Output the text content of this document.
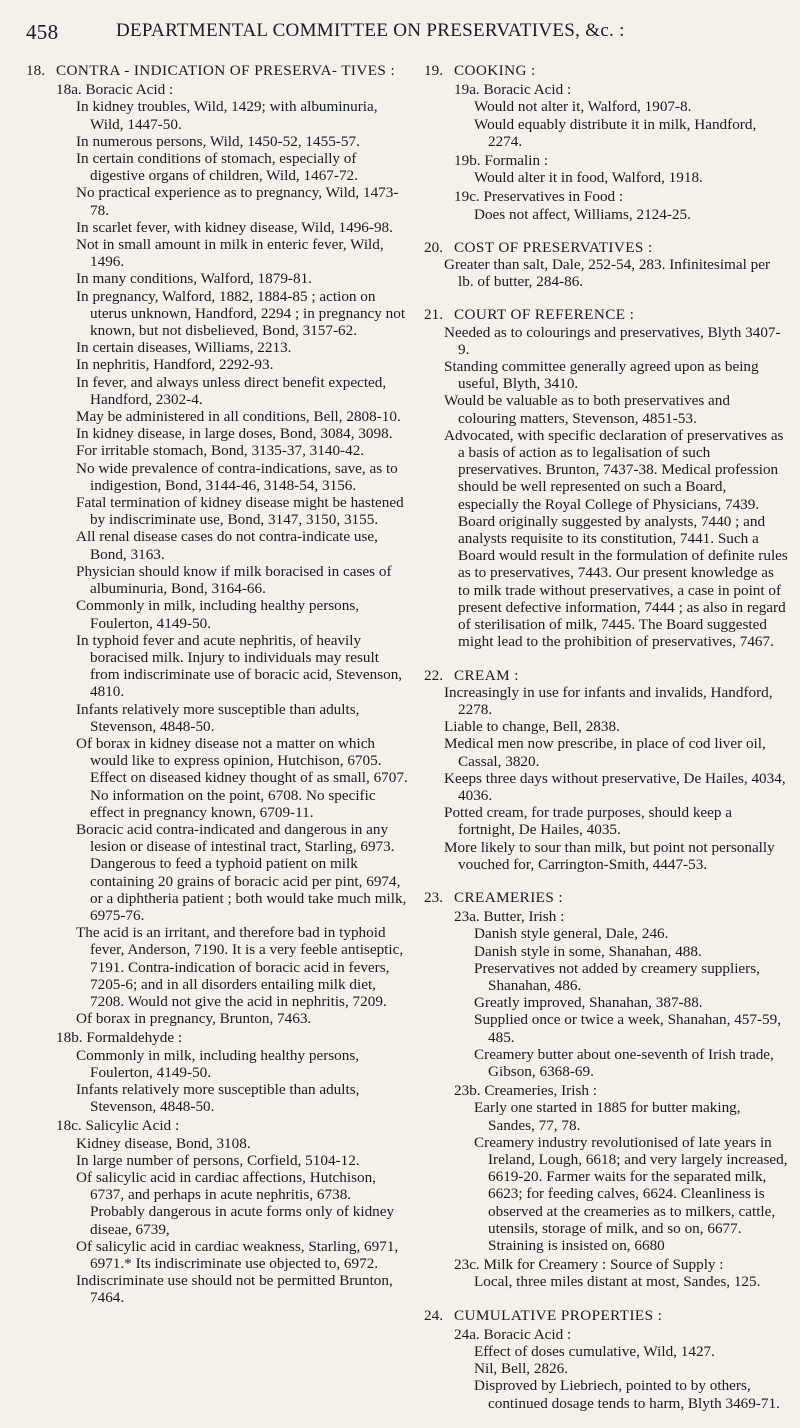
458	DEPARTMENTAL COMMITTEE ON PRESERVATIVES, &c. :
18. CONTRA - INDICATION OF PRESERVA- TIVES :
18a. Boracic Acid :

In kidney troubles, Wild, 1429; with albuminuria, Wild, 1447-50.

In numerous persons, Wild, 1450-52, 1455-57.

In certain conditions of stomach, especially of digestive organs of children, Wild, 1467-72.

No practical experience as to pregnancy, Wild, 1473-78.

In scarlet fever, with kidney disease, Wild, 1496-98.

Not in small amount in milk in enteric fever, Wild, 1496.

In many conditions, Walford, 1879-81.

In pregnancy, Walford, 1882, 1884-85 ; action on uterus unknown, Handford, 2294 ; in pregnancy not known, but not disbelieved, Bond, 3157-62.

In certain diseases, Williams, 2213.

In nephritis, Handford, 2292-93.

In fever, and always unless direct benefit expected, Handford, 2302-4.

May be administered in all conditions, Bell, 2808-10.

In kidney disease, in large doses, Bond, 3084, 3098.

For irritable stomach, Bond, 3135-37, 3140-42.

No wide prevalence of contra-indications, save, as to indigestion, Bond, 3144-46, 3148-54, 3156.

Fatal termination of kidney disease might be hastened by indiscriminate use, Bond, 3147, 3150, 3155.

All renal disease cases do not contra-indicate use, Bond, 3163.

Physician should know if milk boracised in cases of albuminuria, Bond, 3164-66.

Commonly in milk, including healthy persons, Foulerton, 4149-50.

In typhoid fever and acute nephritis, of heavily boracised milk. Injury to individuals may result from indiscriminate use of boracic acid, Stevenson, 4810.

Infants relatively more susceptible than adults, Stevenson, 4848-50.

Of borax in kidney disease not a matter on which would like to express opinion, Hutchison, 6705. Effect on diseased kidney thought of as small, 6707. No information on the point, 6708. No specific effect in pregnancy known, 6709-11.

Boracic acid contra-indicated and dangerous in any lesion or disease of intestinal tract, Starling, 6973. Dangerous to feed a typhoid patient on milk containing 20 grains of boracic acid per pint, 6974, or a diphtheria patient ; both would take much milk, 6975-76.

The acid is an irritant, and therefore bad in typhoid fever, Anderson, 7190. It is a very feeble antiseptic, 7191. Contra-indication of boracic acid in fevers, 7205-6; and in all disorders entailing milk diet, 7208. Would not give the acid in nephritis, 7209.

Of borax in pregnancy, Brunton, 7463.

18b. Formaldehyde :

Commonly in milk, including healthy persons, Foulerton, 4149-50.

Infants relatively more susceptible than adults, Stevenson, 4848-50.

18c. Salicylic Acid :

Kidney disease, Bond, 3108.

In large number of persons, Corfield, 5104-12.

Of salicylic acid in cardiac affections, Hutchison, 6737, and perhaps in acute nephritis, 6738. Probably dangerous in acute forms only of kidney diseae, 6739,

Of salicylic acid in cardiac weakness, Starling, 6971, 6971.* Its indiscriminate use objected to, 6972.

Indiscriminate use should not be permitted Brunton, 7464.

19. COOKING :
19a. Boracic Acid :

Would not alter it, Walford, 1907-8.

Would equably distribute it in milk, Handford, 2274.

19b. Formalin :

Would alter it in food, Walford, 1918.

19c. Preservatives in Food :

Does not affect, Williams, 2124-25.

20. COST OF PRESERVATIVES :

Greater than salt, Dale, 252-54, 283. Infinitesimal per lb. of butter, 284-86.

21. COURT OF REFERENCE :

Needed as to colourings and preservatives, Blyth 3407-9.

Standing committee generally agreed upon as being useful, Blyth, 3410.

Would be valuable as to both preservatives and colouring matters, Stevenson, 4851-53.

Advocated, with specific declaration of preservatives as a basis of action as to legalisation of such preservatives. Brunton, 7437-38. Medical profession should be well represented on such a Board, especially the Royal College of Physicians, 7439. Board originally suggested by analysts, 7440 ; and analysts requisite to its constitution, 7441. Such a Board would result in the formulation of definite rules as to preservatives, 7443. Our present knowledge as to milk trade without preservatives, a case in point of present defective information, 7444 ; as also in regard of sterilisation of milk, 7445. The Board suggested might lead to the prohibition of preservatives, 7467.

22. CREAM :

Increasingly in use for infants and invalids, Handford, 2278.

Liable to change, Bell, 2838.

Medical men now prescribe, in place of cod liver oil, Cassal, 3820.

Keeps three days without preservative, De Hailes, 4034, 4036.

Potted cream, for trade purposes, should keep a fortnight, De Hailes, 4035.

More likely to sour than milk, but point not personally vouched for, Carrington-Smith, 4447-53.

23. CREAMERIES :
23a. Butter, Irish :

Danish style general, Dale, 246.

Danish style in some, Shanahan, 488.

Preservatives not added by creamery suppliers, Shanahan, 486.

Greatly improved, Shanahan, 387-88.

Supplied once or twice a week, Shanahan, 457-59, 485.

Creamery butter about one-seventh of Irish trade, Gibson, 6368-69.

23b. Creameries, Irish :

Early one started in 1885 for butter making, Sandes, 77, 78.

Creamery industry revolutionised of late years in Ireland, Lough, 6618; and very largely increased, 6619-20. Farmer waits for the separated milk, 6623; for feeding calves, 6624. Cleanliness is observed at the creameries as to milkers, cattle, utensils, storage of milk, and so on, 6677. Straining is insisted on, 6680

23c. Milk for Creamery : Source of Supply :

Local, three miles distant at most, Sandes, 125.

24. CUMULATIVE PROPERTIES :
24a. Boracic Acid :

Effect of doses cumulative, Wild, 1427.

Nil, Bell, 2826.

Disproved by Liebriech, pointed to by others, continued dosage tends to harm, Blyth 3469-71.
